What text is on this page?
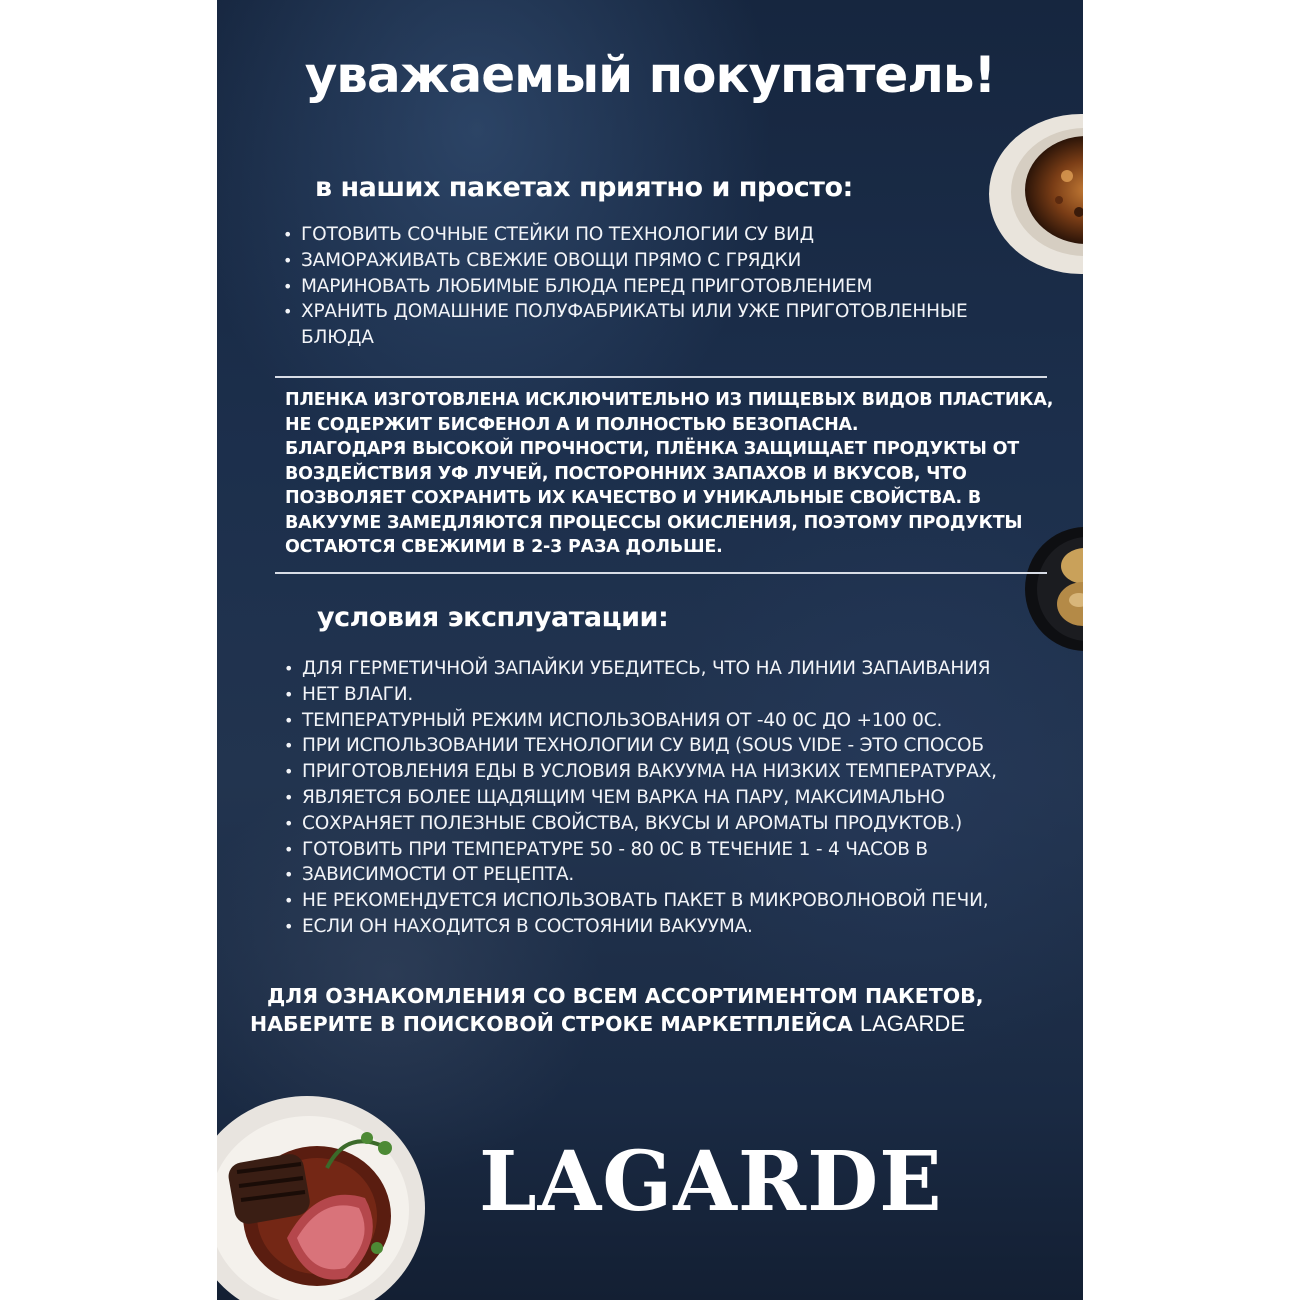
уважаемый покупатель!
в наших пакетах приятно и просто:
• ГОТОВИТЬ СОЧНЫЕ СТЕЙКИ ПО ТЕХНОЛОГИИ СУ ВИД
• ЗАМОРАЖИВАТЬ СВЕЖИЕ ОВОЩИ ПРЯМО С ГРЯДКИ
• МАРИНОВАТЬ ЛЮБИМЫЕ БЛЮДА ПЕРЕД ПРИГОТОВЛЕНИЕМ
• ХРАНИТЬ ДОМАШНИЕ ПОЛУФАБРИКАТЫ ИЛИ УЖЕ ПРИГОТОВЛЕННЫЕ БЛЮДА
ПЛЕНКА ИЗГОТОВЛЕНА ИСКЛЮЧИТЕЛЬНО ИЗ ПИЩЕВЫХ ВИДОВ ПЛАСТИКА,
НЕ СОДЕРЖИТ БИСФЕНОЛ А И ПОЛНОСТЬЮ БЕЗОПАСНА.
БЛАГОДАРЯ ВЫСОКОЙ ПРОЧНОСТИ, ПЛЁНКА ЗАЩИЩАЕТ ПРОДУКТЫ ОТ
ВОЗДЕЙСТВИЯ УФ ЛУЧЕЙ, ПОСТОРОННИХ ЗАПАХОВ И ВКУСОВ, ЧТО
ПОЗВОЛЯЕТ СОХРАНИТЬ ИХ КАЧЕСТВО И УНИКАЛЬНЫЕ СВОЙСТВА. В
ВАКУУМЕ ЗАМЕДЛЯЮТСЯ ПРОЦЕССЫ ОКИСЛЕНИЯ, ПОЭТОМУ ПРОДУКТЫ
ОСТАЮТСЯ СВЕЖИМИ В 2-3 РАЗА ДОЛЬШЕ.
условия эксплуатации:
• ДЛЯ ГЕРМЕТИЧНОЙ ЗАПАЙКИ УБЕДИТЕСЬ, ЧТО НА ЛИНИИ ЗАПАИВАНИЯ
• НЕТ ВЛАГИ.
• ТЕМПЕРАТУРНЫЙ РЕЖИМ ИСПОЛЬЗОВАНИЯ ОТ -40 0С ДО +100 0С.
• ПРИ ИСПОЛЬЗОВАНИИ ТЕХНОЛОГИИ СУ ВИД (SOUS VIDE - ЭТО СПОСОБ
• ПРИГОТОВЛЕНИЯ ЕДЫ В УСЛОВИЯ ВАКУУМА НА НИЗКИХ ТЕМПЕРАТУРАХ,
• ЯВЛЯЕТСЯ БОЛЕЕ ЩАДЯЩИМ ЧЕМ ВАРКА НА ПАРУ, МАКСИМАЛЬНО
• СОХРАНЯЕТ ПОЛЕЗНЫЕ СВОЙСТВА, ВКУСЫ И АРОМАТЫ ПРОДУКТОВ.)
• ГОТОВИТЬ ПРИ ТЕМПЕРАТУРЕ 50 - 80 0С В ТЕЧЕНИЕ 1 - 4 ЧАСОВ В
• ЗАВИСИМОСТИ ОТ РЕЦЕПТА.
• НЕ РЕКОМЕНДУЕТСЯ ИСПОЛЬЗОВАТЬ ПАКЕТ В МИКРОВОЛНОВОЙ ПЕЧИ,
• ЕСЛИ ОН НАХОДИТСЯ В СОСТОЯНИИ ВАКУУМА.
ДЛЯ ОЗНАКОМЛЕНИЯ СО ВСЕМ АССОРТИМЕНТОМ ПАКЕТОВ,
НАБЕРИТЕ В ПОИСКОВОЙ СТРОКЕ МАРКЕТПЛЕЙСА LAGARDE
LAGARDE
